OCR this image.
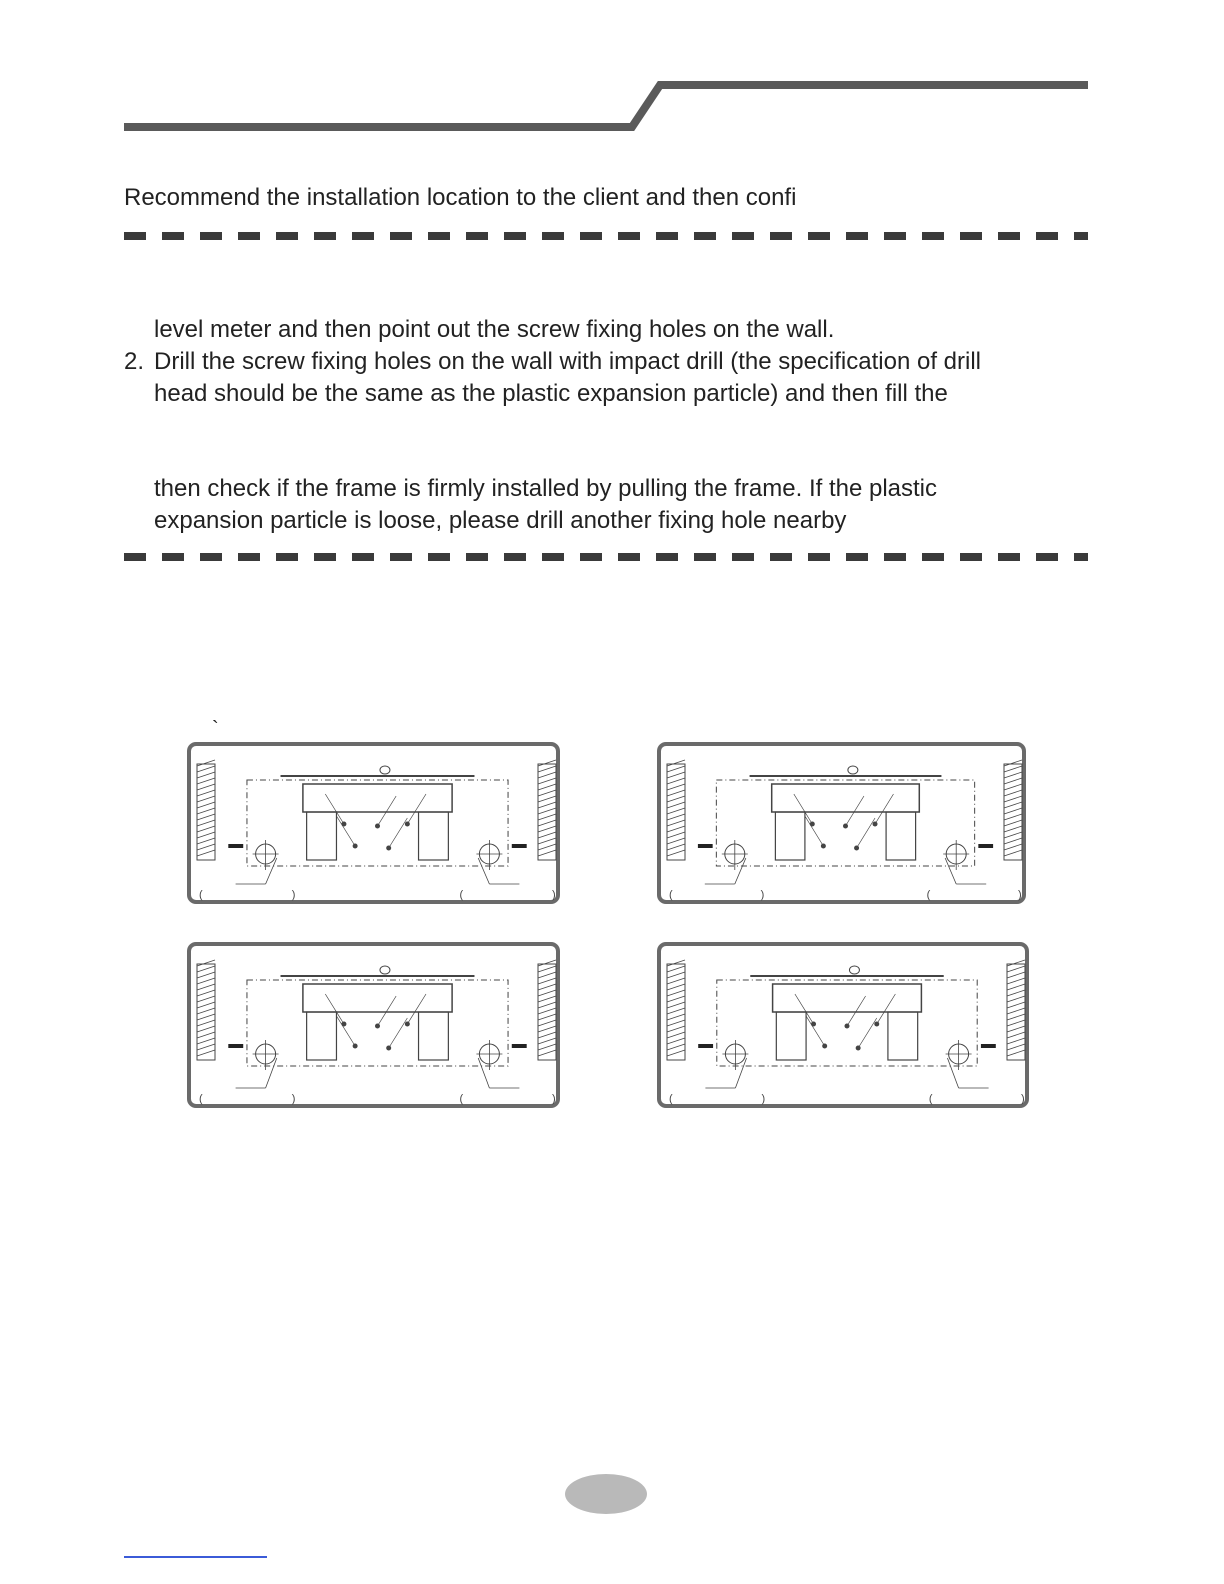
Recommend the installation location to the client and then confi
level meter and then point out the screw fixing holes on the wall.
2. Drill the screw fixing holes on the wall with impact drill (the specification of drill
head should be the same as the plastic expansion particle) and then fill the
then check if the frame is firmly installed by pulling the frame. If the plastic
expansion particle is loose, please drill another fixing hole nearby
`
(	)	(	)	(	)	(	)
(	)	(	)	(	)	(	)
